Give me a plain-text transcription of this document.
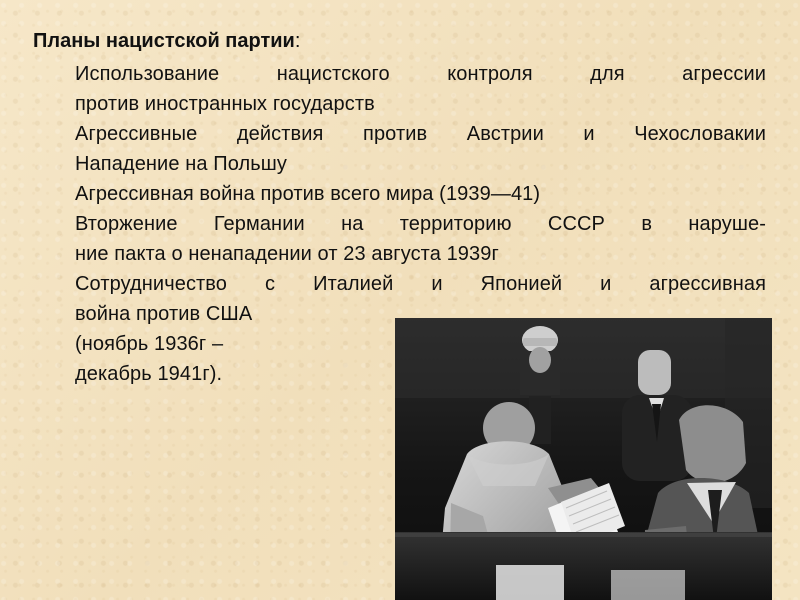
Планы нацистской партии:
Использование нацистского контроля для агрессии
против иностранных государств
Агрессивные действия против Австрии и Чехословакии
Нападение на Польшу
Агрессивная война против всего мира (1939—41)
Вторжение Германии на территорию СССР в наруше-
ние пакта о ненападении от 23 августа 1939г
Сотрудничество с Италией и Японией и агрессивная
война против США
(ноябрь 1936г –
декабрь 1941г).
